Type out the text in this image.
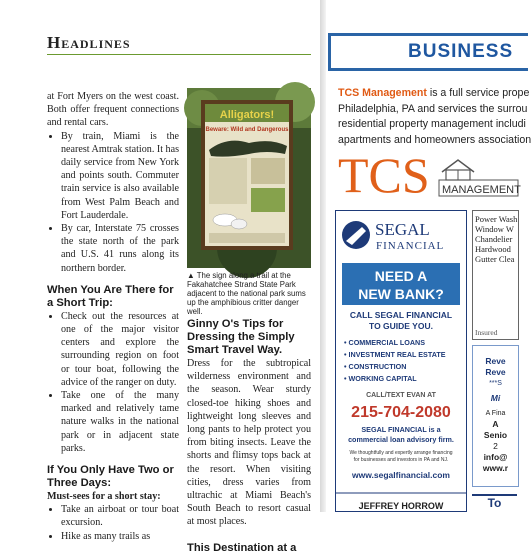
Headlines

at Fort Myers on the west coast. Both offer frequent connections and rental cars.

• By train, Miami is the nearest Amtrak station. It has daily service from New York and points south. Commuter train service is also available from West Palm Beach and Fort Lauderdale.
• By car, Interstate 75 crosses the state north of the park and U.S. 41 runs along its northern border.
When You Are There for a Short Trip:
• Check out the resources at one of the major visitor centers and explore the surrounding region on foot or tour boat, following the advice of the ranger on duty.
• Take one of the many marked and relatively tame nature walks in the national park or in adjacent state parks.
If You Only Have Two or Three Days:

Must-sees for a short stay:

• Take an airboat or tour boat excursion.
• Hike as many trails as
Alligators!
Beware: Wild and Dangerous
▲ The sign along a trail at the Fakahatchee Strand State Park adjacent to the national park sums up the amphibious critter danger well.
Ginny O's Tips for Dressing the Simply Smart Travel Way.

Dress for the subtropical wilderness environment and the season. Wear sturdy closed-toe hiking shoes and lightweight long sleeves and long pants to help protect you from biting insects. Leave the shorts and flimsy tops back at the resort. When visiting cities, dress varies from ultrachic at Miami Beach's South Beach to resort casual at most places.

This Destination at a
BUSINESS
TCS Management is a full service prope
Philadelphia, PA and services the surrou
residential property management includi
apartments and homeowners association
TCS MANAGEMENT
SEGAL
FINANCIAL
NEED A
NEW BANK?
CALL SEGAL FINANCIAL
TO GUIDE YOU.
• COMMERCIAL LOANS
• INVESTMENT REAL ESTATE
• CONSTRUCTION
• WORKING CAPITAL
CALL/TEXT EVAN AT
215-704-2080
SEGAL FINANCIAL is a
commercial loan advisory firm.
We thoughtfully and expertly arrange financing
for businesses and investors in PA and NJ.
www.segalfinancial.com
JEFFREY HORROW
Power Wash
Window W
Chandelier
Hardwood
Gutter Clea
Insured
Reve
Reve
***S
Mi
A Fina
A
Senio
2
info@
www.r
To
